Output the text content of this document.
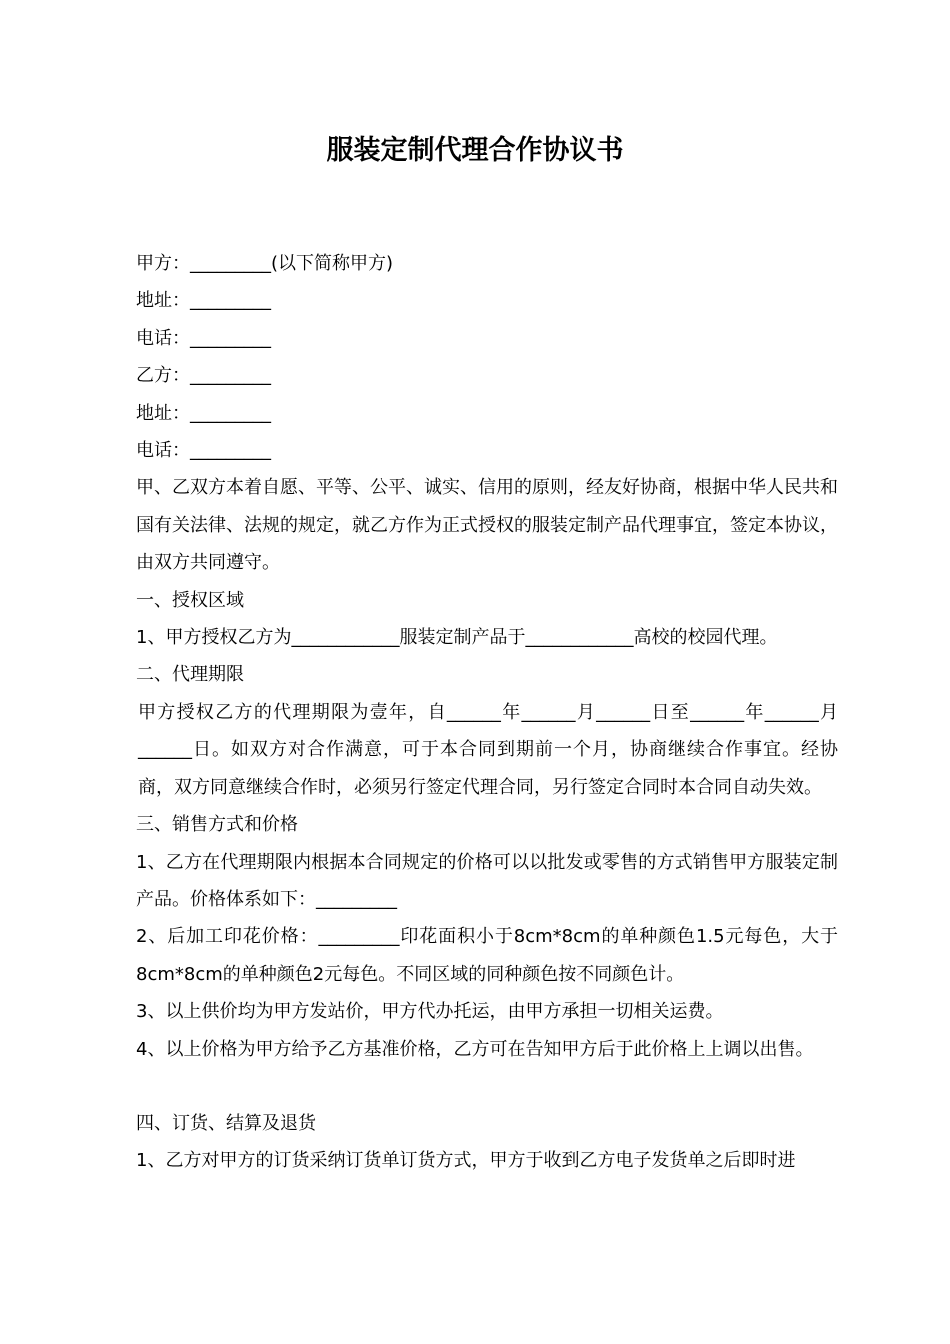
服装定制代理合作协议书

甲方：_________(以下简称甲方)

地址：_________

电话：_________

乙方：_________

地址：_________

电话：_________

甲、乙双方本着自愿、平等、公平、诚实、信用的原则，经友好协商，根据中华人民共和国有关法律、法规的规定，就乙方作为正式授权的服装定制产品代理事宜，签定本协议，由双方共同遵守。

一、授权区域

1、甲方授权乙方为____________服装定制产品于____________高校的校园代理。

二、代理期限

甲方授权乙方的代理期限为壹年，自______年______月______日至______年______月______日。如双方对合作满意，可于本合同到期前一个月，协商继续合作事宜。经协商，双方同意继续合作时，必须另行签定代理合同，另行签定合同时本合同自动失效。

三、销售方式和价格

1、乙方在代理期限内根据本合同规定的价格可以以批发或零售的方式销售甲方服装定制产品。价格体系如下：_________

2、后加工印花价格：_________印花面积小于8cm*8cm的单种颜色1.5元每色，大于8cm*8cm的单种颜色2元每色。不同区域的同种颜色按不同颜色计。

3、以上供价均为甲方发站价，甲方代办托运，由甲方承担一切相关运费。

4、以上价格为甲方给予乙方基准价格，乙方可在告知甲方后于此价格上上调以出售。

四、订货、结算及退货

1、乙方对甲方的订货采纳订货单订货方式，甲方于收到乙方电子发货单之后即时进
